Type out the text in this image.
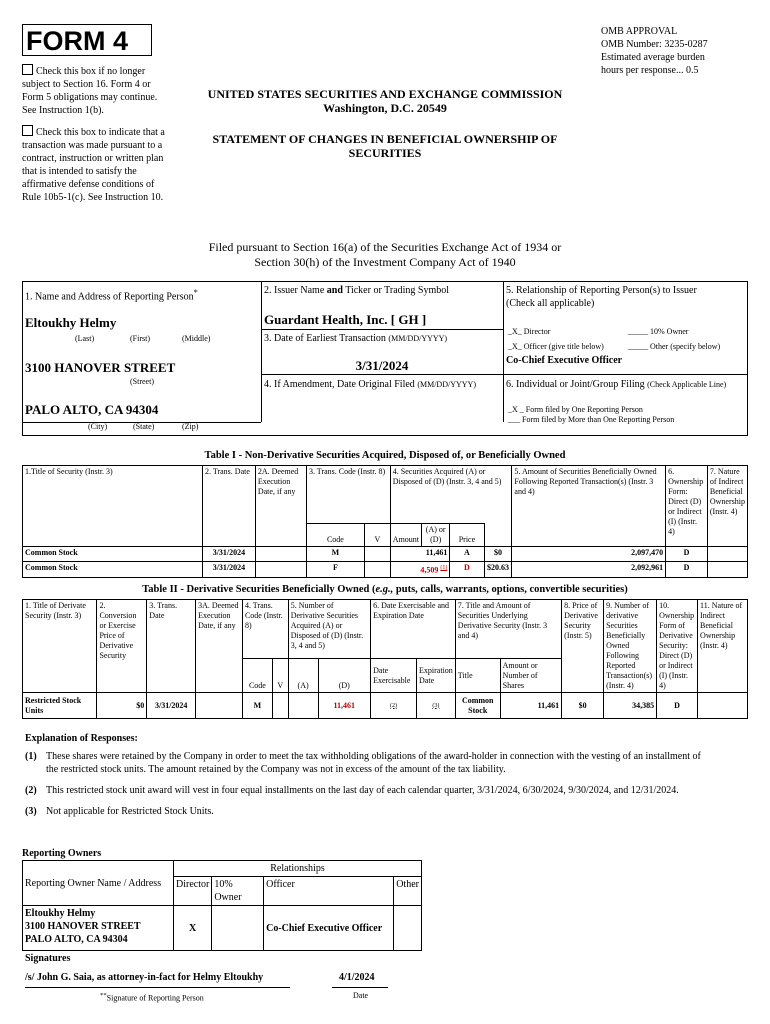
FORM 4
Check this box if no longer subject to Section 16. Form 4 or Form 5 obligations may continue. See Instruction 1(b).
Check this box to indicate that a transaction was made pursuant to a contract, instruction or written plan that is intended to satisfy the affirmative defense conditions of Rule 10b5-1(c). See Instruction 10.
UNITED STATES SECURITIES AND EXCHANGE COMMISSION
Washington, D.C. 20549
STATEMENT OF CHANGES IN BENEFICIAL OWNERSHIP OF SECURITIES
OMB APPROVAL
OMB Number: 3235-0287
Estimated average burden
hours per response... 0.5
Filed pursuant to Section 16(a) of the Securities Exchange Act of 1934 or
Section 30(h) of the Investment Company Act of 1940
1. Name and Address of Reporting Person*
Eltoukhy Helmy
(Last)	(First)	(Middle)
3100 HANOVER STREET
(Street)
PALO ALTO, CA 94304
(City)	(State)	(Zip)
2. Issuer Name and Ticker or Trading Symbol
Guardant Health, Inc. [ GH ]
3. Date of Earliest Transaction (MM/DD/YYYY)
3/31/2024
4. If Amendment, Date Original Filed (MM/DD/YYYY)
5. Relationship of Reporting Person(s) to Issuer
(Check all applicable)
_X_ Director	_____ 10% Owner
_X_ Officer (give title below)	_____ Other (specify below)
Co-Chief Executive Officer
6. Individual or Joint/Group Filing (Check Applicable Line)
_X _ Form filed by One Reporting Person
___ Form filed by More than One Reporting Person
Table I - Non-Derivative Securities Acquired, Disposed of, or Beneficially Owned
1.Title of Security (Instr. 3)	2. Trans. Date	2A. Deemed Execution Date, if any	3. Trans. Code (Instr. 8)		4. Securities Acquired (A) or Disposed of (D) (Instr. 3, 4 and 5)				5. Amount of Securities Beneficially Owned Following Reported Transaction(s) (Instr. 3 and 4)	6. Ownership Form: Direct (D) or Indirect (I) (Instr. 4)	7. Nature of Indirect Beneficial Ownership (Instr. 4)
			Code	V	Amount	(A) or (D)	Price			
Common Stock	3/31/2024		M		11,461		A	$0	2,097,470	D	
Common Stock	3/31/2024		F		4,509 $^{(1)}$		D	$20.63	2,092,961	D	
Table II - Derivative Securities Beneficially Owned (e.g., puts, calls, warrants, options, convertible securities)
1. Title of Derivate Security (Instr. 3)	2. Conversion or Exercise Price of Derivative Security	3. Trans. Date	3A. Deemed Execution Date, if any	4. Trans. Code (Instr. 8)		5. Number of Derivative Securities Acquired (A) or Disposed of (D) (Instr. 3, 4 and 5)		6. Date Exercisable and Expiration Date		7. Title and Amount of Securities Underlying Derivative Security (Instr. 3 and 4)		8. Price of Derivative Security (Instr. 5)	9. Number of derivative Securities Beneficially Owned Following Reported Transaction(s) (Instr. 4)	10. Ownership Form of Derivative Security: Direct (D) or Indirect (I) (Instr. 4)	11. Nature of Indirect Beneficial Ownership (Instr. 4)
				Code	V	(A)	(D)	Date Exercisable	Expiration Date	Title	Amount or Number of Shares				
Restricted Stock Units	$0	3/31/2024		M			11,461	(2)	(3)	Common Stock	11,461	$0	34,385	D	
Explanation of Responses:
(1) These shares were retained by the Company in order to meet the tax withholding obligations of the award-holder in connection with the vesting of an installment of the restricted stock units. The amount retained by the Company was not in excess of the amount of the tax liability.
(2) This restricted stock unit award will vest in four equal installments on the last day of each calendar quarter, 3/31/2024, 6/30/2024, 9/30/2024, and 12/31/2024.
(3) Not applicable for Restricted Stock Units.
Reporting Owners
Reporting Owner Name / Address	Relationships			
	Director	10% Owner	Officer	Other

Eltoukhy Helmy
3100 HANOVER STREET
PALO ALTO, CA 94304	X		Co-Chief Executive Officer	
Signatures
/s/ John G. Saia, as attorney-in-fact for Helmy Eltoukhy	4/1/2024
**Signature of Reporting Person	Date
